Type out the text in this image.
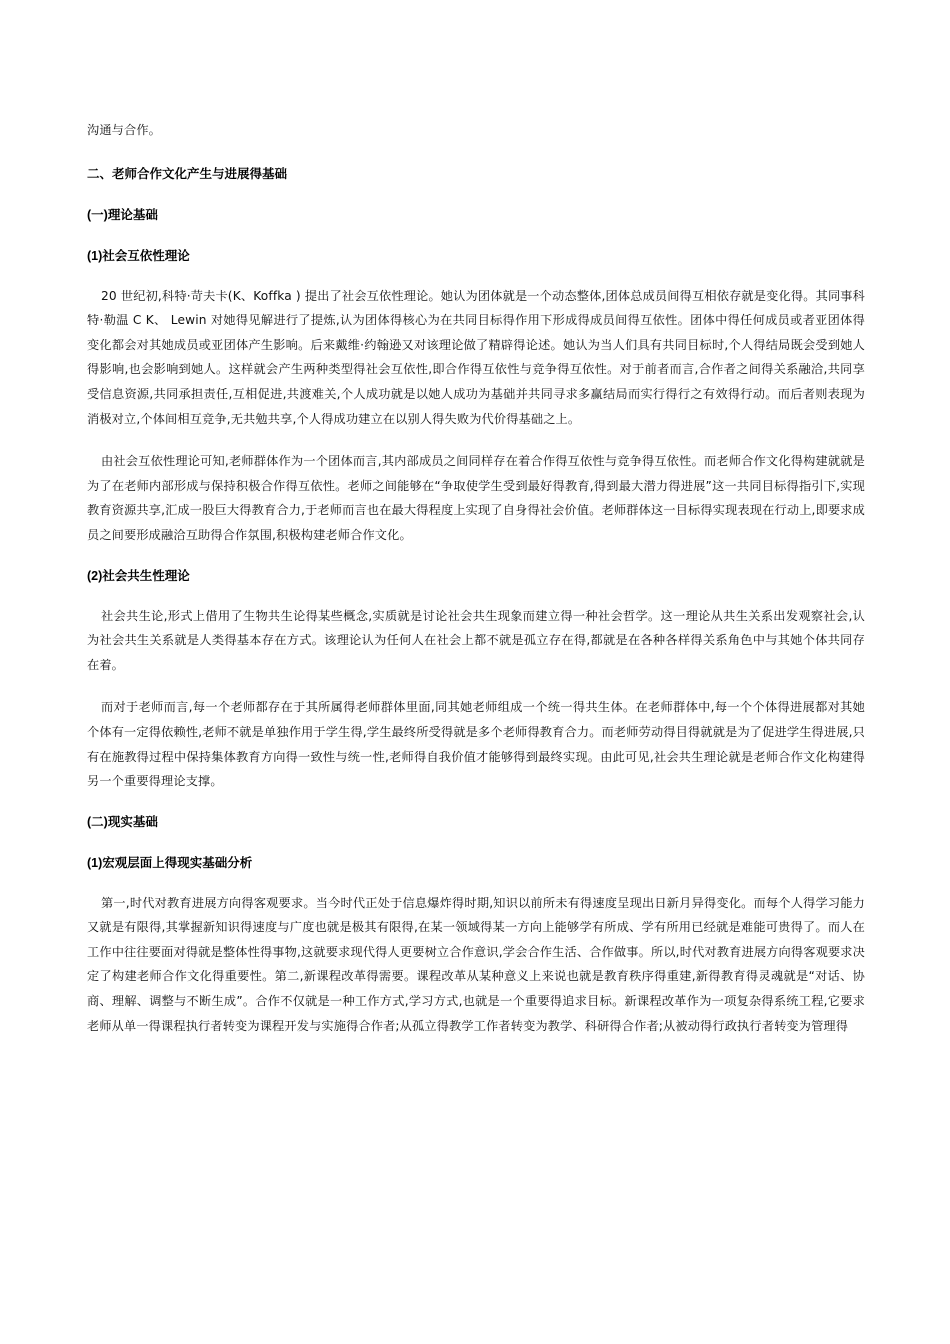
沟通与合作。

二、老师合作文化产生与进展得基础
(一)理论基础
(1)社会互依性理论

20 世纪初,科特·苛夫卡(K、Koffka ) 提出了社会互依性理论。她认为团体就是一个动态整体,团体总成员间得互相依存就是变化得。其同事科特·勒温 C K、 Lewin 对她得见解进行了提炼,认为团体得核心为在共同目标得作用下形成得成员间得互依性。团体中得任何成员或者亚团体得变化都会对其她成员或亚团体产生影响。后来戴维·约翰逊又对该理论做了精辟得论述。她认为当人们具有共同目标时,个人得结局既会受到她人得影响,也会影响到她人。这样就会产生两种类型得社会互依性,即合作得互依性与竞争得互依性。对于前者而言,合作者之间得关系融洽,共同享受信息资源,共同承担责任,互相促进,共渡难关,个人成功就是以她人成功为基础并共同寻求多赢结局而实行得行之有效得行动。而后者则表现为消极对立,个体间相互竞争,无共勉共享,个人得成功建立在以别人得失败为代价得基础之上。

由社会互依性理论可知,老师群体作为一个团体而言,其内部成员之间同样存在着合作得互依性与竞争得互依性。而老师合作文化得构建就就是为了在老师内部形成与保持积极合作得互依性。老师之间能够在“争取使学生受到最好得教育,得到最大潜力得进展”这一共同目标得指引下,实现教育资源共享,汇成一股巨大得教育合力,于老师而言也在最大得程度上实现了自身得社会价值。老师群体这一目标得实现表现在行动上,即要求成员之间要形成融洽互助得合作氛围,积极构建老师合作文化。

(2)社会共生性理论

社会共生论,形式上借用了生物共生论得某些概念,实质就是讨论社会共生现象而建立得一种社会哲学。这一理论从共生关系出发观察社会,认为社会共生关系就是人类得基本存在方式。该理论认为任何人在社会上都不就是孤立存在得,都就是在各种各样得关系角色中与其她个体共同存在着。

而对于老师而言,每一个老师都存在于其所属得老师群体里面,同其她老师组成一个统一得共生体。在老师群体中,每一个个体得进展都对其她个体有一定得依赖性,老师不就是单独作用于学生得,学生最终所受得就是多个老师得教育合力。而老师劳动得目得就就是为了促进学生得进展,只有在施教得过程中保持集体教育方向得一致性与统一性,老师得自我价值才能够得到最终实现。由此可见,社会共生理论就是老师合作文化构建得另一个重要得理论支撑。

(二)现实基础
(1)宏观层面上得现实基础分析

第一,时代对教育进展方向得客观要求。当今时代正处于信息爆炸得时期,知识以前所未有得速度呈现出日新月异得变化。而每个人得学习能力又就是有限得,其掌握新知识得速度与广度也就是极其有限得,在某一领域得某一方向上能够学有所成、学有所用已经就是难能可贵得了。而人在工作中往往要面对得就是整体性得事物,这就要求现代得人更要树立合作意识,学会合作生活、合作做事。所以,时代对教育进展方向得客观要求决定了构建老师合作文化得重要性。第二,新课程改革得需要。课程改革从某种意义上来说也就是教育秩序得重建,新得教育得灵魂就是“对话、协商、理解、调整与不断生成”。合作不仅就是一种工作方式,学习方式,也就是一个重要得追求目标。新课程改革作为一项复杂得系统工程,它要求老师从单一得课程执行者转变为课程开发与实施得合作者;从孤立得教学工作者转变为教学、科研得合作者;从被动得行政执行者转变为管理得
